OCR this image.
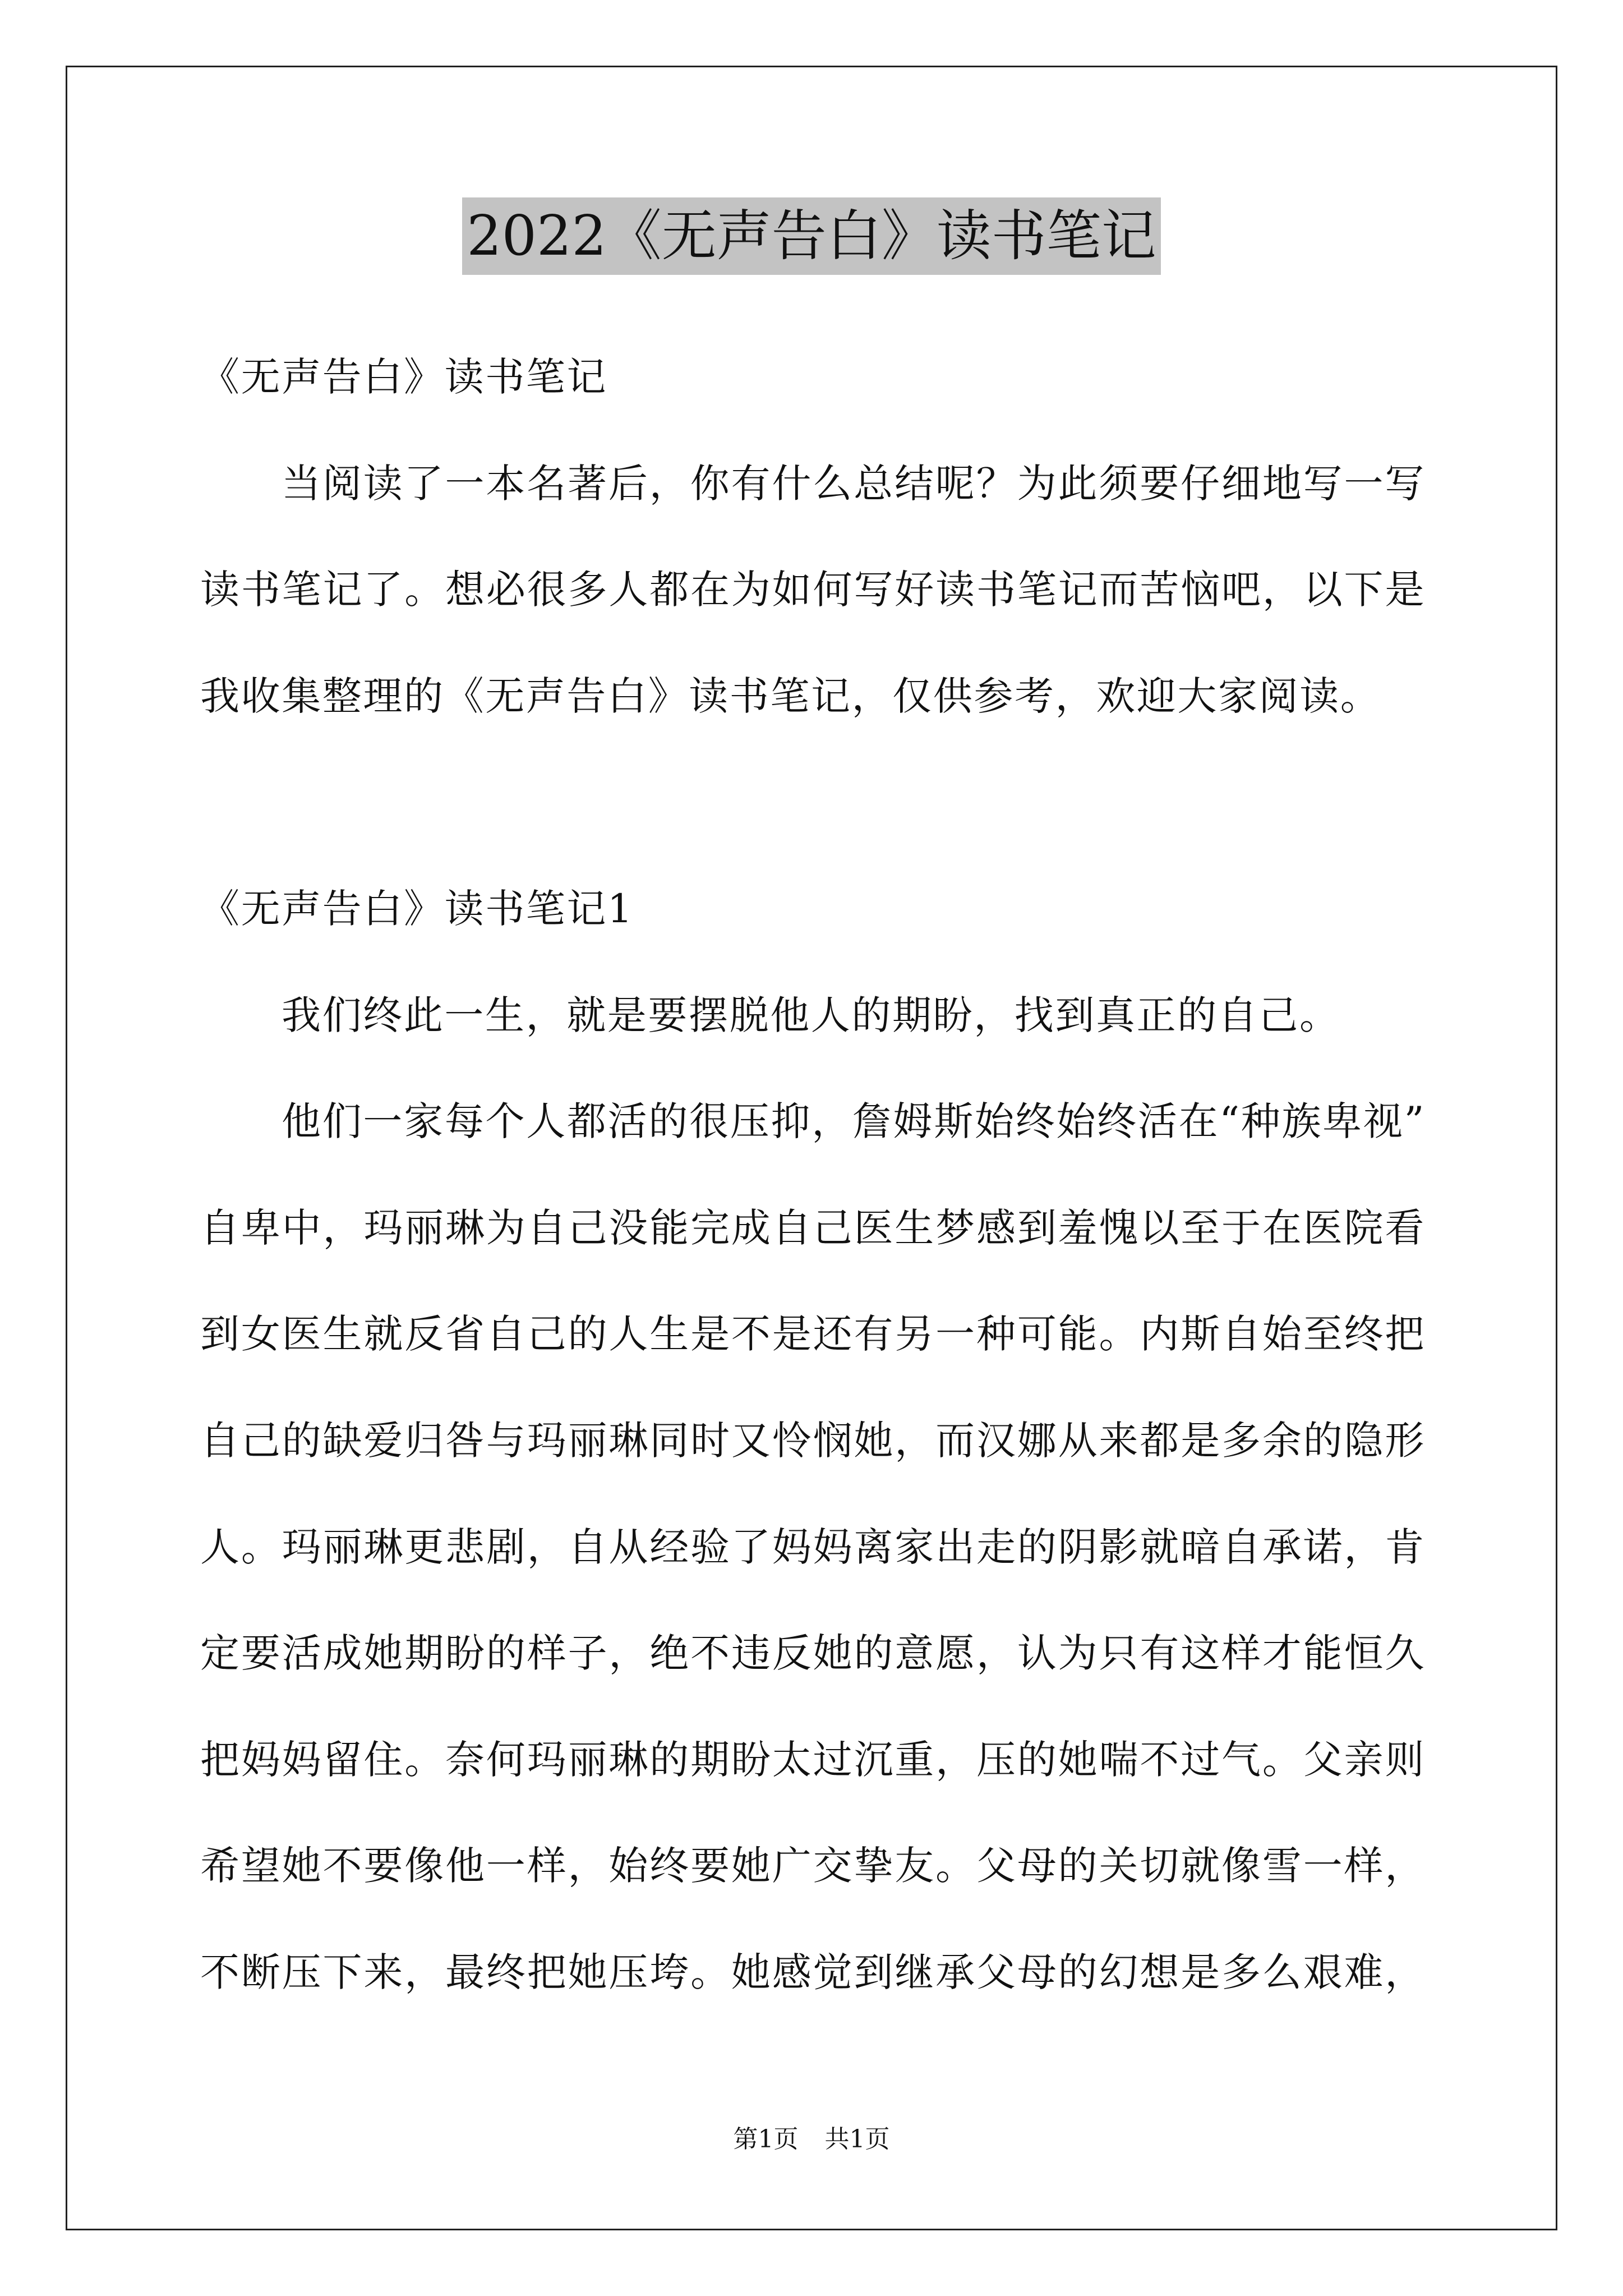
2022《无声告白》读书笔记
《无声告白》读书笔记
当阅读了一本名著后，你有什么总结呢？为此须要仔细地写一写
读书笔记了。想必很多人都在为如何写好读书笔记而苦恼吧，以下是
我收集整理的《无声告白》读书笔记，仅供参考，欢迎大家阅读。
《无声告白》读书笔记1
我们终此一生，就是要摆脱他人的期盼，找到真正的自己。
他们一家每个人都活的很压抑，詹姆斯始终始终活在“种族卑视”
自卑中，玛丽琳为自己没能完成自己医生梦感到羞愧以至于在医院看
到女医生就反省自己的人生是不是还有另一种可能。内斯自始至终把
自己的缺爱归咎与玛丽琳同时又怜悯她，而汉娜从来都是多余的隐形
人。玛丽琳更悲剧，自从经验了妈妈离家出走的阴影就暗自承诺，肯
定要活成她期盼的样子，绝不违反她的意愿，认为只有这样才能恒久
把妈妈留住。奈何玛丽琳的期盼太过沉重，压的她喘不过气。父亲则
希望她不要像他一样，始终要她广交挚友。父母的关切就像雪一样，
不断压下来，最终把她压垮。她感觉到继承父母的幻想是多么艰难，
第1页 共1页
